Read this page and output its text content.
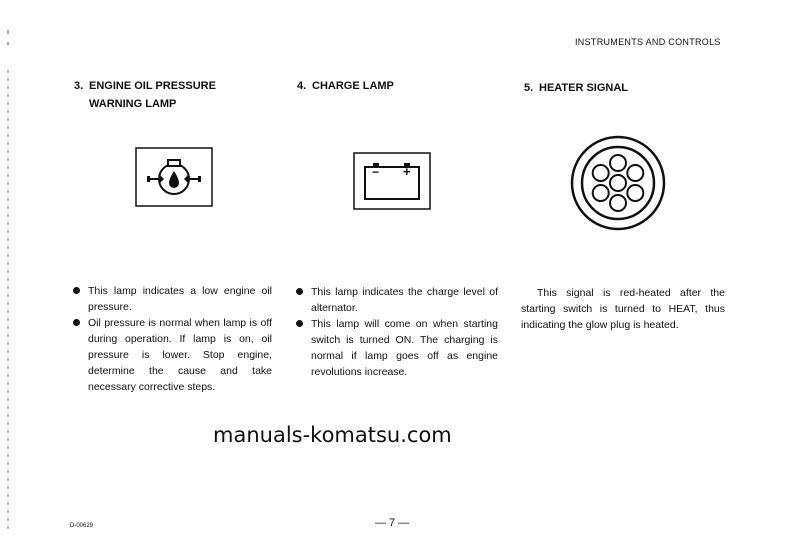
INSTRUMENTS AND CONTROLS
3. ENGINE OIL PRESSURE
WARNING LAMP
This lamp indicates a low engine oil pressure.
Oil pressure is normal when lamp is off during operation. If lamp is on, oil pressure is lower. Stop engine, determine the cause and take necessary corrective steps.
4. CHARGE LAMP
− +
This lamp indicates the charge level of alternator.
This lamp will come on when starting switch is turned ON. The charging is normal if lamp goes off as engine revolutions increase.
5. HEATER SIGNAL

This signal is red-heated after the starting switch is turned to HEAT, thus indicating the glow plug is heated.

manuals-komatsu.com
D-00629	— 7 —
